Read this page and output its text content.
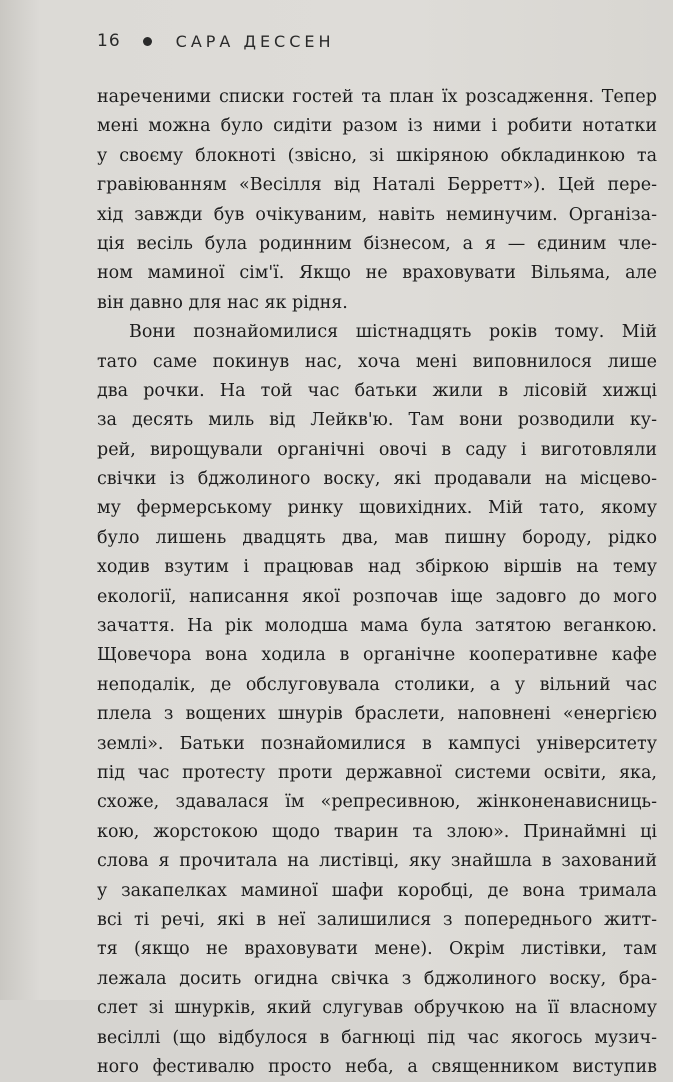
16	САРА ДЕССЕН
нареченими списки гостей та план їх розсадження. Тепер
мені можна було сидіти разом із ними і робити нотатки
у своєму блокноті (звісно, зі шкіряною обкладинкою та
гравіюванням «Весілля від Наталі Берретт»). Цей пере-
хід завжди був очікуваним, навіть неминучим. Організа-
ція весіль була родинним бізнесом, а я — єдиним чле-
ном маминої сім'ї. Якщо не враховувати Вільяма, але
він давно для нас як рідня.
Вони познайомилися шістнадцять років тому. Мій
тато саме покинув нас, хоча мені виповнилося лише
два рочки. На той час батьки жили в лісовій хижці
за десять миль від Лейкв'ю. Там вони розводили ку-
рей, вирощували органічні овочі в саду і виготовляли
свічки із бджолиного воску, які продавали на місцево-
му фермерському ринку щовихідних. Мій тато, якому
було лишень двадцять два, мав пишну бороду, рідко
ходив взутим і працював над збіркою віршів на тему
екології, написання якої розпочав іще задовго до мого
зачаття. На рік молодша мама була затятою веганкою.
Щовечора вона ходила в органічне кооперативне кафе
неподалік, де обслуговувала столики, а у вільний час
плела з вощених шнурів браслети, наповнені «енергією
землі». Батьки познайомилися в кампусі університету
під час протесту проти державної системи освіти, яка,
схоже, здавалася їм «репресивною, жінконенависниць-
кою, жорстокою щодо тварин та злою». Принаймні ці
слова я прочитала на листівці, яку знайшла в захований
у закапелках маминої шафи коробці, де вона тримала
всі ті речі, які в неї залишилися з попереднього житт-
тя (якщо не враховувати мене). Окрім листівки, там
лежала досить огидна свічка з бджолиного воску, бра-
слет зі шнурків, який слугував обручкою на її власному
весіллі (що відбулося в багнюці під час якогось музич-
ного фестивалю просто неба, а священником виступив
